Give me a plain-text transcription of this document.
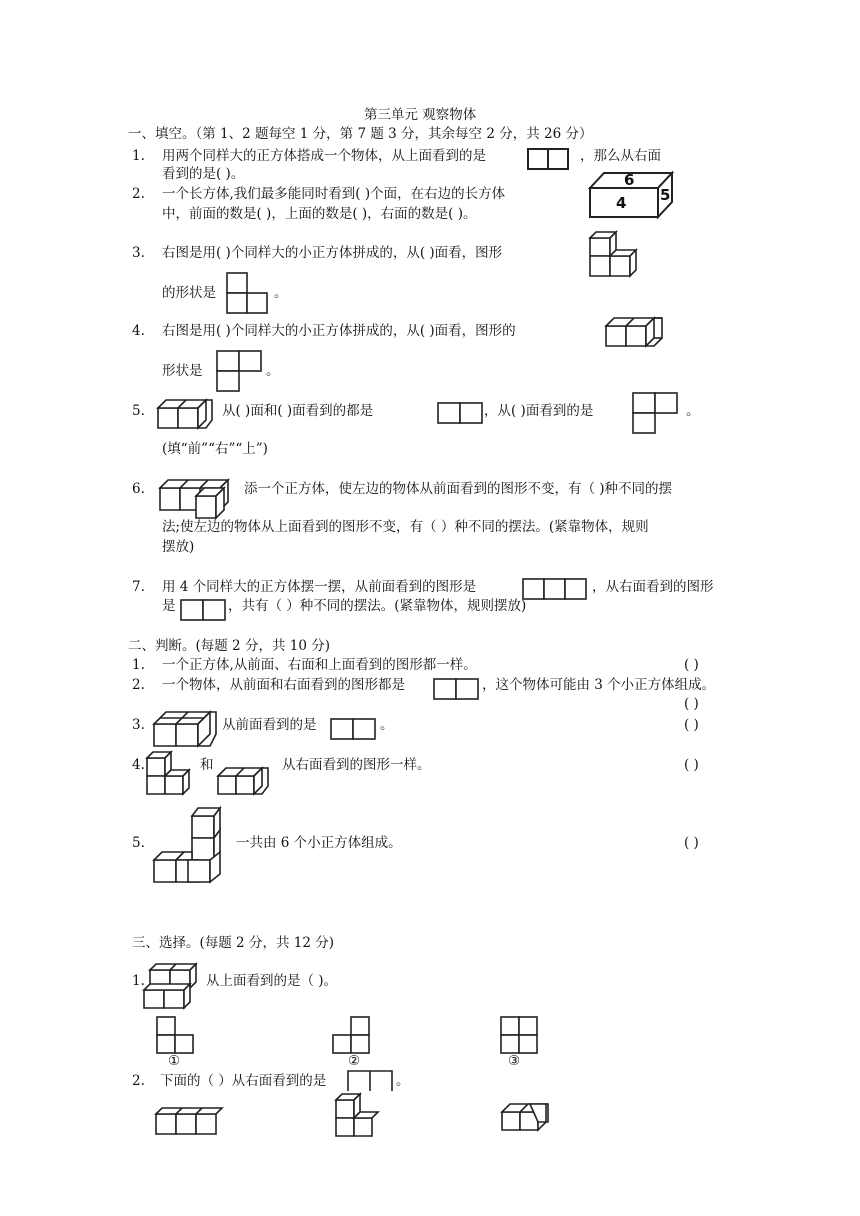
第三单元 观察物体
一、填空。（第 1、2 题每空 1 分，第 7 题 3 分，其余每空 2 分，共 26 分）
1. 用两个同样大的正方体搭成一个物体，从上面看到的是	，那么从右面
看到的是( )。
2. 一个长方体,我们最多能同时看到( )个面，在右边的长方体
中，前面的数是( )，上面的数是( )，右面的数是( )。
4
6
5
3. 右图是用( )个同样大的小正方体拼成的，从( )面看，图形
的形状是	。
4. 右图是用( )个同样大的小正方体拼成的，从( )面看，图形的
形状是	。
5.	从( )面和( )面看到的都是	，从( )面看到的是	。
(填“前”“右”“上”)
6.	添一个正方体，使左边的物体从前面看到的图形不变，有（ )种不同的摆
法;使左边的物体从上面看到的图形不变，有（ ）种不同的摆法。(紧靠物体，规则
摆放)
7. 用 4 个同样大的正方体摆一摆，从前面看到的图形是	，从右面看到的图形
是	，共有（ ）种不同的摆法。(紧靠物体，规则摆放)
二、判断。(每题 2 分，共 10 分)
1. 一个正方体,从前面、右面和上面看到的图形都一样。	( )
2. 一个物体，从前面和右面看到的图形都是	，这个物体可能由 3 个小正方体组成。
( )
3.	从前面看到的是	。	( )
4.	和	从右面看到的图形一样。	( )
5.	一共由 6 个小正方体组成。	( )
三、选择。(每题 2 分，共 12 分)
1.	从上面看到的是（ )。
①	②	③
2. 下面的（ ）从右面看到的是	。
